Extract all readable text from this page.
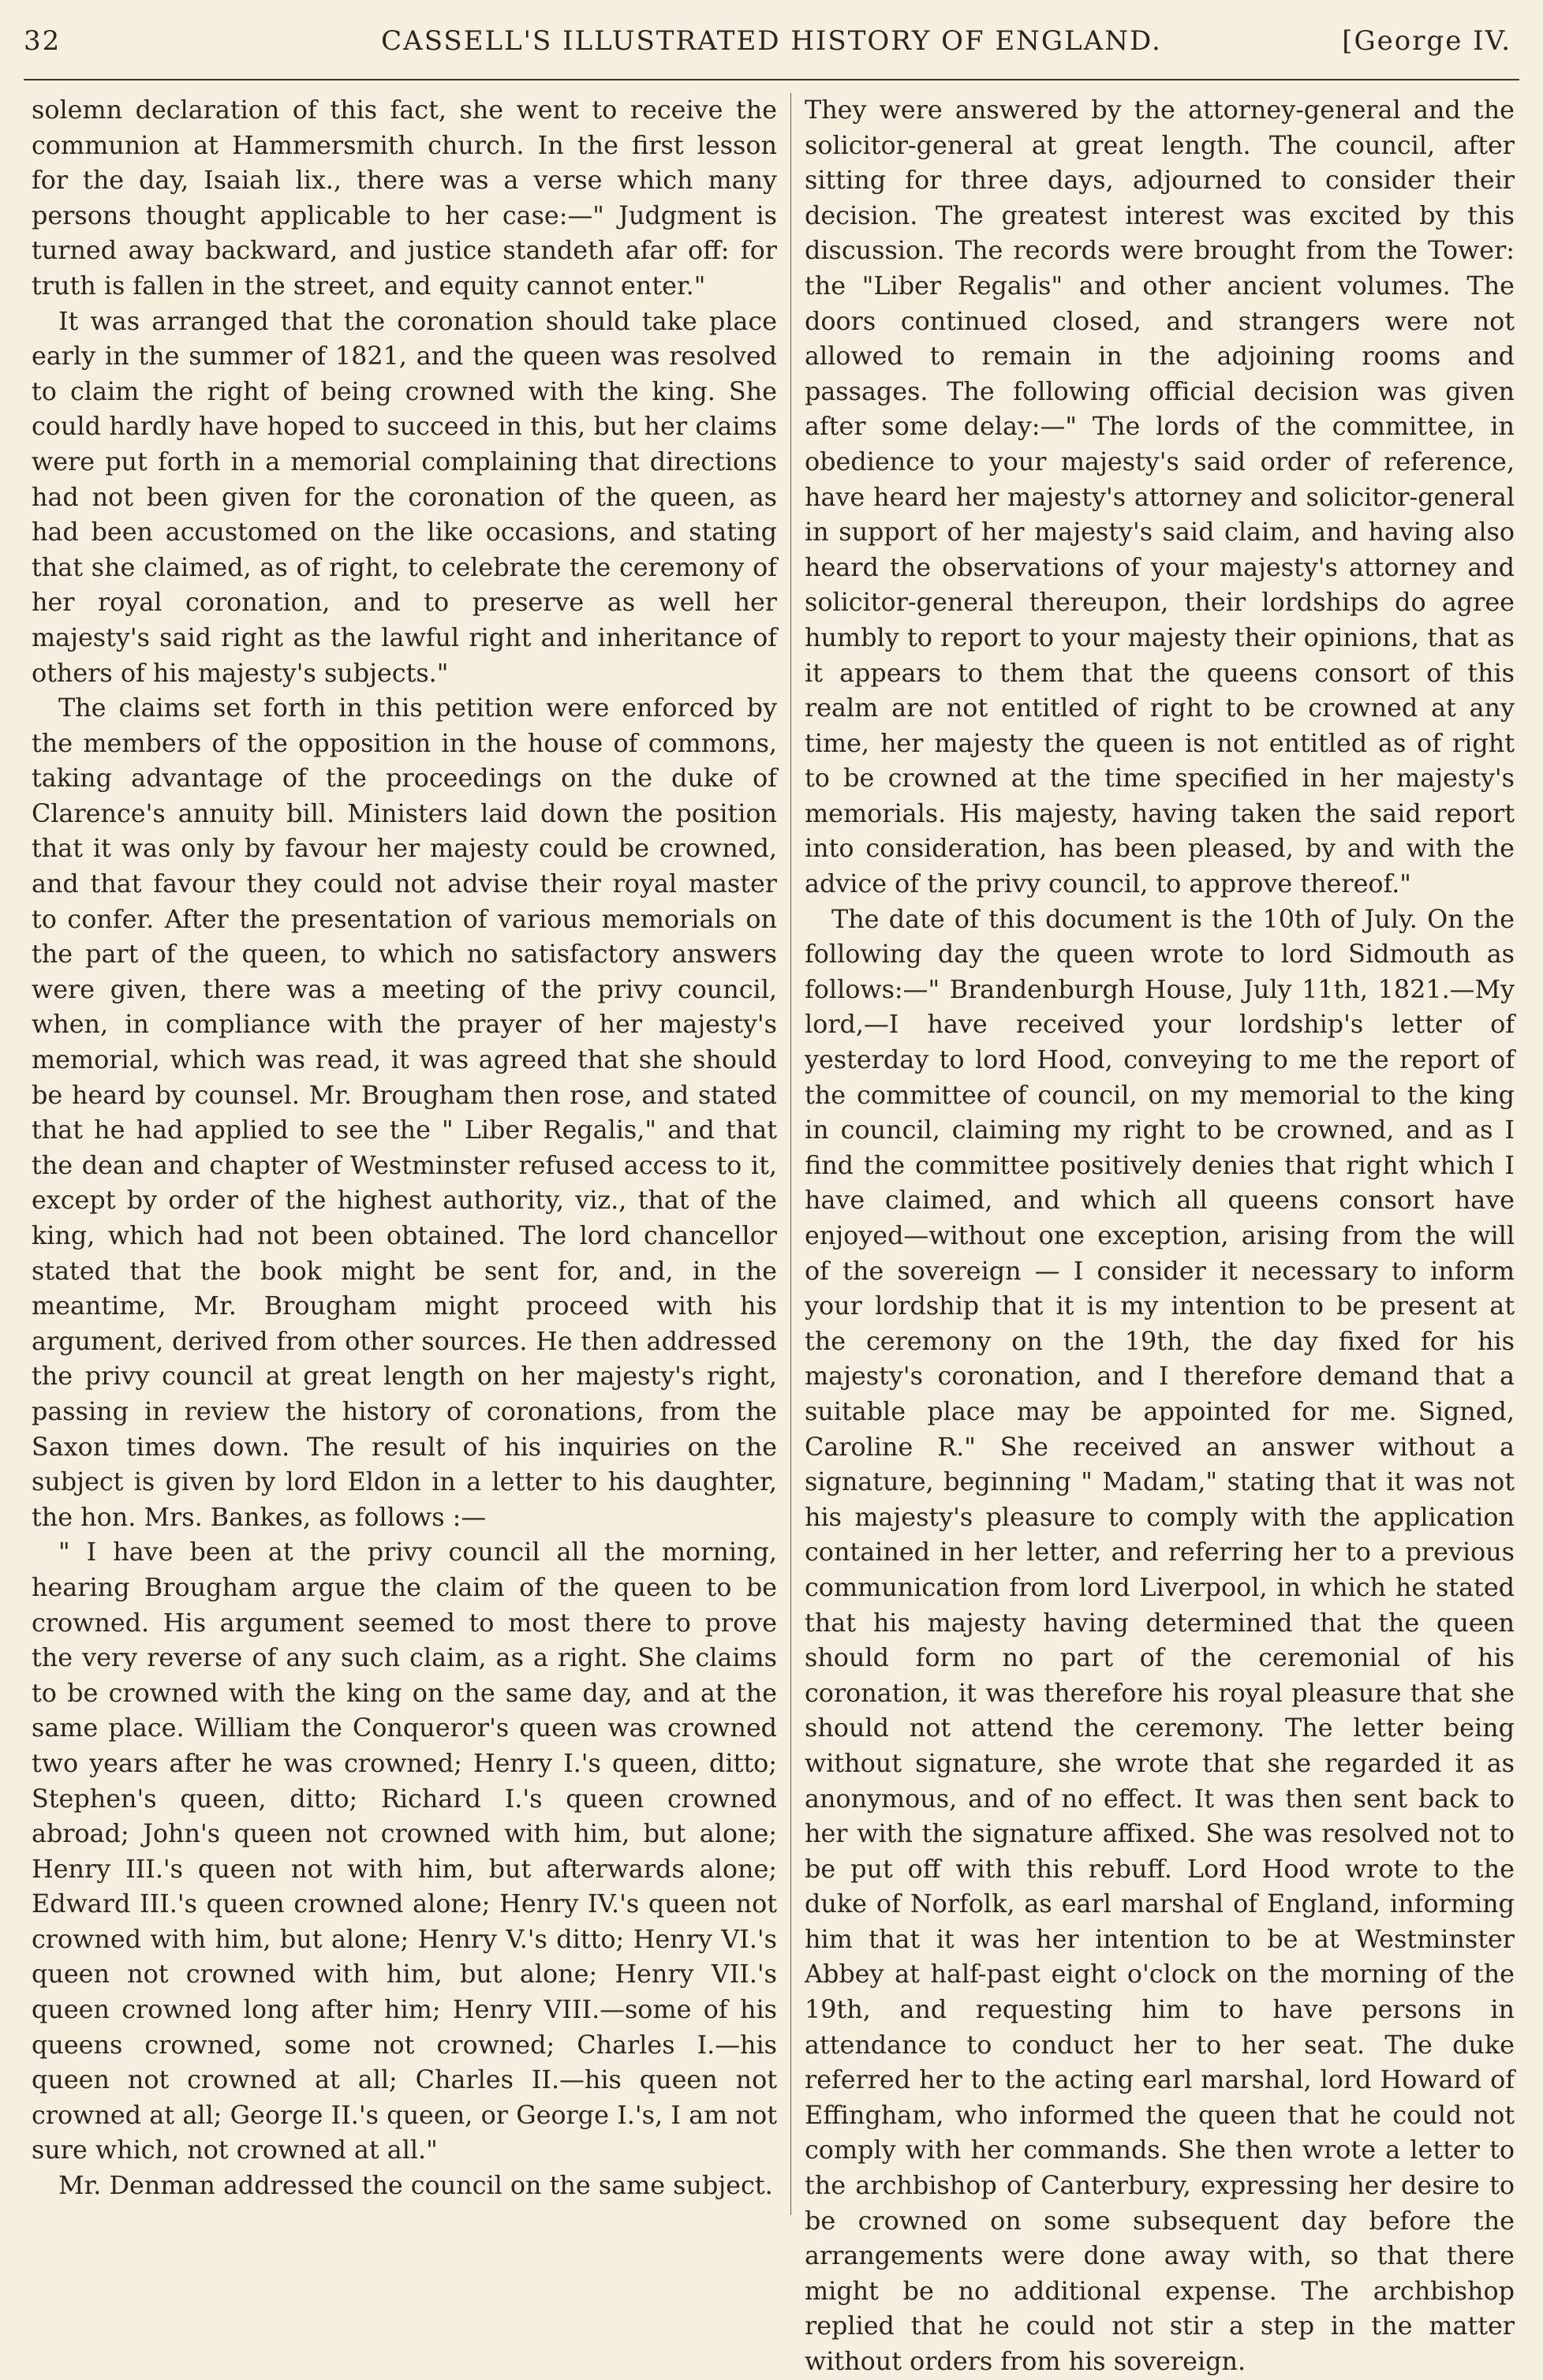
32	CASSELL'S ILLUSTRATED HISTORY OF ENGLAND.	[George IV.

solemn declaration of this fact, she went to receive the communion at Hammersmith church. In the first lesson for the day, Isaiah lix., there was a verse which many persons thought applicable to her case:—" Judgment is turned away backward, and justice standeth afar off: for truth is fallen in the street, and equity cannot enter."

It was arranged that the coronation should take place early in the summer of 1821, and the queen was resolved to claim the right of being crowned with the king. She could hardly have hoped to succeed in this, but her claims were put forth in a memorial complaining that directions had not been given for the coronation of the queen, as had been accustomed on the like occasions, and stating that she claimed, as of right, to celebrate the ceremony of her royal coronation, and to preserve as well her majesty's said right as the lawful right and inheritance of others of his majesty's subjects."

The claims set forth in this petition were enforced by the members of the opposition in the house of commons, taking advantage of the proceedings on the duke of Clarence's annuity bill. Ministers laid down the position that it was only by favour her majesty could be crowned, and that favour they could not advise their royal master to confer. After the presentation of various memorials on the part of the queen, to which no satisfactory answers were given, there was a meeting of the privy council, when, in compliance with the prayer of her majesty's memorial, which was read, it was agreed that she should be heard by counsel. Mr. Brougham then rose, and stated that he had applied to see the " Liber Regalis," and that the dean and chapter of Westminster refused access to it, except by order of the highest authority, viz., that of the king, which had not been obtained. The lord chancellor stated that the book might be sent for, and, in the meantime, Mr. Brougham might proceed with his argument, derived from other sources. He then addressed the privy council at great length on her majesty's right, passing in review the history of coronations, from the Saxon times down. The result of his inquiries on the subject is given by lord Eldon in a letter to his daughter, the hon. Mrs. Bankes, as follows :—

" I have been at the privy council all the morning, hearing Brougham argue the claim of the queen to be crowned. His argument seemed to most there to prove the very reverse of any such claim, as a right. She claims to be crowned with the king on the same day, and at the same place. William the Conqueror's queen was crowned two years after he was crowned; Henry I.'s queen, ditto; Stephen's queen, ditto; Richard I.'s queen crowned abroad; John's queen not crowned with him, but alone; Henry III.'s queen not with him, but afterwards alone; Edward III.'s queen crowned alone; Henry IV.'s queen not crowned with him, but alone; Henry V.'s ditto; Henry VI.'s queen not crowned with him, but alone; Henry VII.'s queen crowned long after him; Henry VIII.—some of his queens crowned, some not crowned; Charles I.—his queen not crowned at all; Charles II.—his queen not crowned at all; George II.'s queen, or George I.'s, I am not sure which, not crowned at all."

Mr. Denman addressed the council on the same subject.

They were answered by the attorney-general and the solicitor-general at great length. The council, after sitting for three days, adjourned to consider their decision. The greatest interest was excited by this discussion. The records were brought from the Tower: the "Liber Regalis" and other ancient volumes. The doors continued closed, and strangers were not allowed to remain in the adjoining rooms and passages. The following official decision was given after some delay:—" The lords of the committee, in obedience to your majesty's said order of reference, have heard her majesty's attorney and solicitor-general in support of her majesty's said claim, and having also heard the observations of your majesty's attorney and solicitor-general thereupon, their lordships do agree humbly to report to your majesty their opinions, that as it appears to them that the queens consort of this realm are not entitled of right to be crowned at any time, her majesty the queen is not entitled as of right to be crowned at the time specified in her majesty's memorials. His majesty, having taken the said report into consideration, has been pleased, by and with the advice of the privy council, to approve thereof."

The date of this document is the 10th of July. On the following day the queen wrote to lord Sidmouth as follows:—" Brandenburgh House, July 11th, 1821.—My lord,—I have received your lordship's letter of yesterday to lord Hood, conveying to me the report of the committee of council, on my memorial to the king in council, claiming my right to be crowned, and as I find the committee positively denies that right which I have claimed, and which all queens consort have enjoyed—without one exception, arising from the will of the sovereign — I consider it necessary to inform your lordship that it is my intention to be present at the ceremony on the 19th, the day fixed for his majesty's coronation, and I therefore demand that a suitable place may be appointed for me. Signed, Caroline R." She received an answer without a signature, beginning " Madam," stating that it was not his majesty's pleasure to comply with the application contained in her letter, and referring her to a previous communication from lord Liverpool, in which he stated that his majesty having determined that the queen should form no part of the ceremonial of his coronation, it was therefore his royal pleasure that she should not attend the ceremony. The letter being without signature, she wrote that she regarded it as anonymous, and of no effect. It was then sent back to her with the signature affixed. She was resolved not to be put off with this rebuff. Lord Hood wrote to the duke of Norfolk, as earl marshal of England, informing him that it was her intention to be at Westminster Abbey at half-past eight o'clock on the morning of the 19th, and requesting him to have persons in attendance to conduct her to her seat. The duke referred her to the acting earl marshal, lord Howard of Effingham, who informed the queen that he could not comply with her commands. She then wrote a letter to the archbishop of Canterbury, expressing her desire to be crowned on some subsequent day before the arrangements were done away with, so that there might be no additional expense. The archbishop replied that he could not stir a step in the matter without orders from his sovereign.
